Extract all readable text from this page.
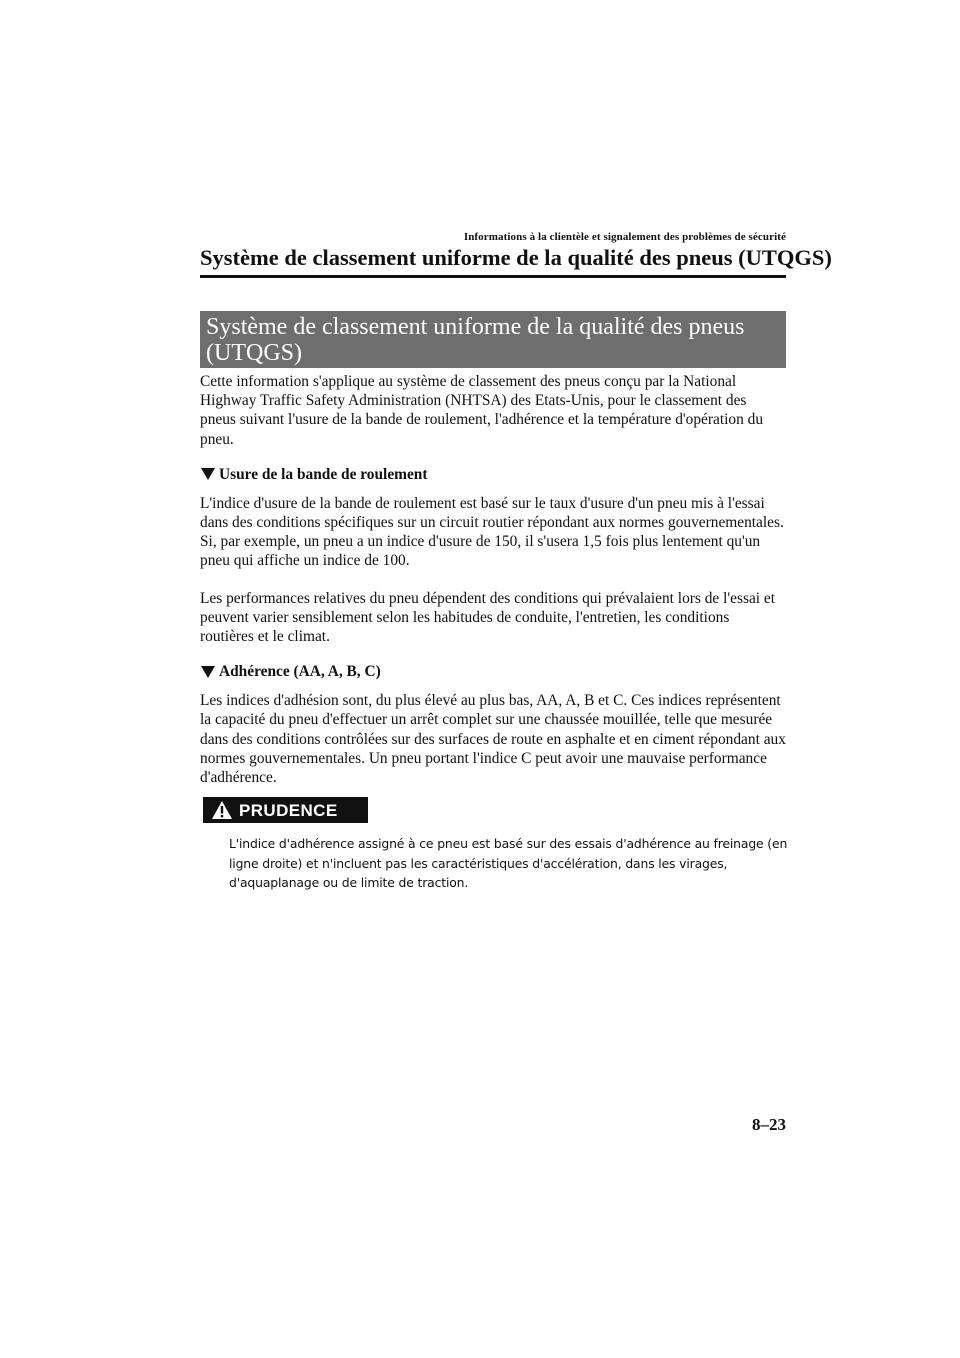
Informations à la clientèle et signalement des problèmes de sécurité
Système de classement uniforme de la qualité des pneus (UTQGS)
Système de classement uniforme de la qualité des pneus
(UTQGS)

Cette information s'applique au système de classement des pneus conçu par la National Highway Traffic Safety Administration (NHTSA) des Etats-Unis, pour le classement des pneus suivant l'usure de la bande de roulement, l'adhérence et la température d'opération du pneu.

Usure de la bande de roulement

L'indice d'usure de la bande de roulement est basé sur le taux d'usure d'un pneu mis à l'essai dans des conditions spécifiques sur un circuit routier répondant aux normes gouvernementales.

Si, par exemple, un pneu a un indice d'usure de 150, il s'usera 1,5 fois plus lentement qu'un pneu qui affiche un indice de 100.

Les performances relatives du pneu dépendent des conditions qui prévalaient lors de l'essai et peuvent varier sensiblement selon les habitudes de conduite, l'entretien, les conditions routières et le climat.

Adhérence (AA, A, B, C)

Les indices d'adhésion sont, du plus élevé au plus bas, AA, A, B et C. Ces indices représentent la capacité du pneu d'effectuer un arrêt complet sur une chaussée mouillée, telle que mesurée dans des conditions contrôlées sur des surfaces de route en asphalte et en ciment répondant aux normes gouvernementales. Un pneu portant l'indice C peut avoir une mauvaise performance d'adhérence.

PRUDENCE

L'indice d'adhérence assigné à ce pneu est basé sur des essais d'adhérence au freinage (en ligne droite) et n'incluent pas les caractéristiques d'accélération, dans les virages, d'aquaplanage ou de limite de traction.

8–23
